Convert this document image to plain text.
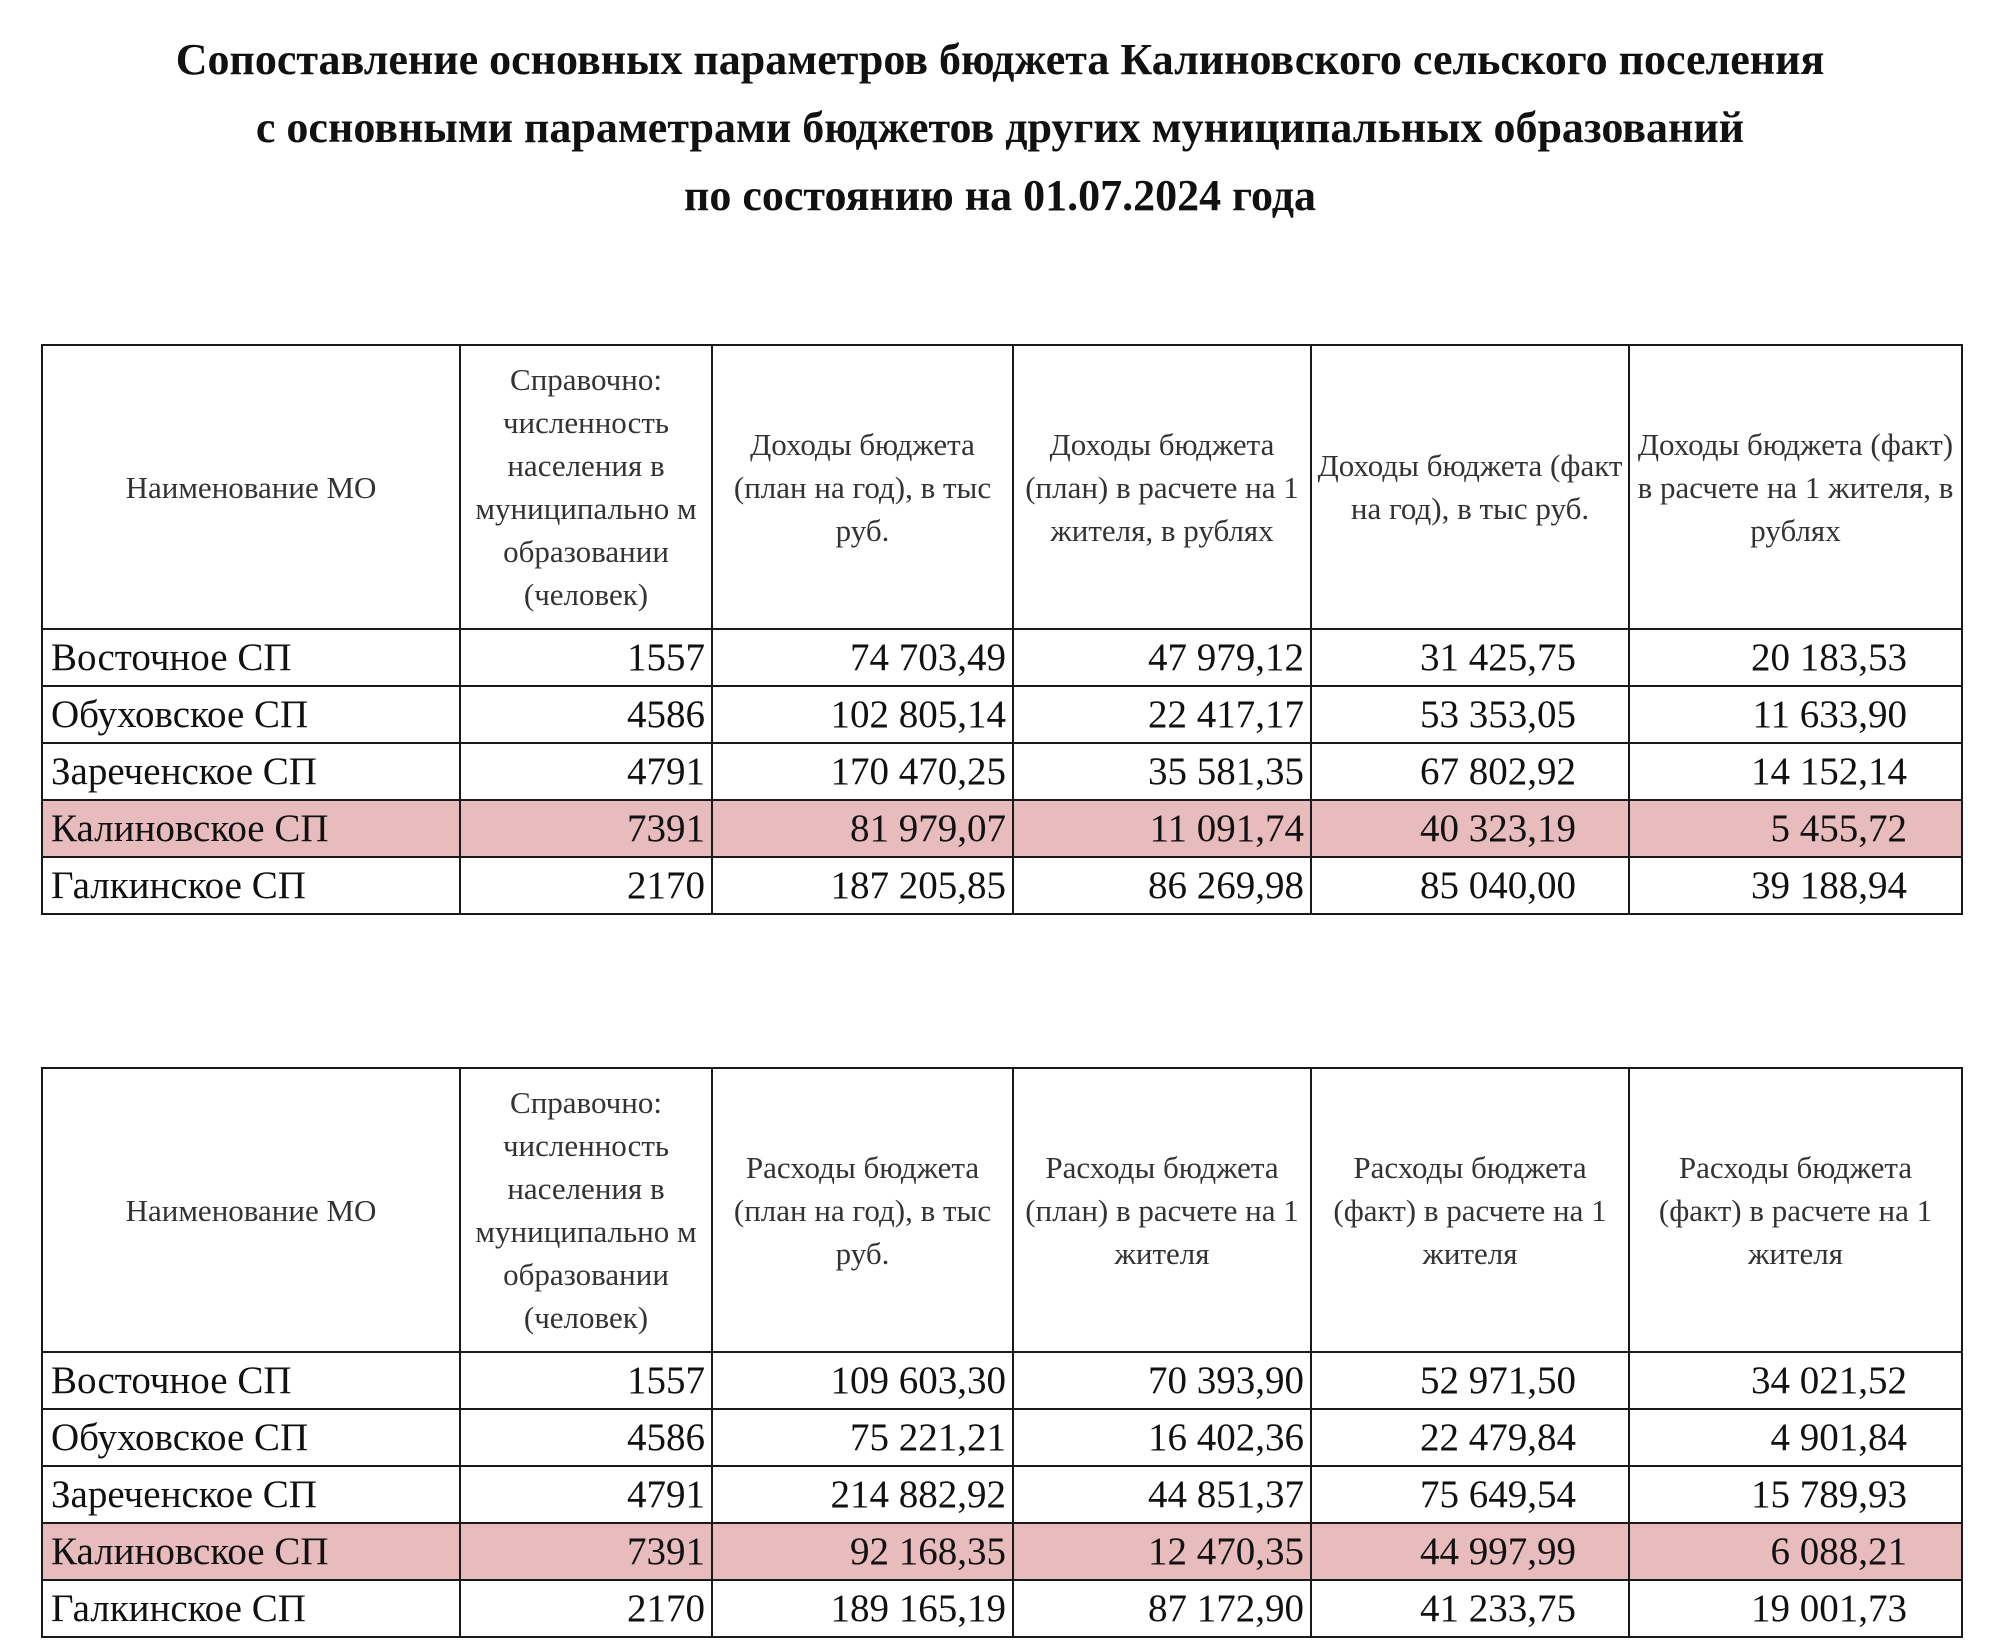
Сопоставление основных параметров бюджета Калиновского сельского поселения
с основными параметрами бюджетов других муниципальных образований
по состоянию на 01.07.2024 года
Наименование МО	Справочно: численность населения в муниципально м образовании (человек)	Доходы бюджета (план на год), в тыс руб.	Доходы бюджета (план) в расчете на 1 жителя, в рублях	Доходы бюджета (факт на год), в тыс руб.	Доходы бюджета (факт) в расчете на 1 жителя, в рублях
Восточное СП	1557	74 703,49	47 979,12	31 425,75	20 183,53
Обуховское СП	4586	102 805,14	22 417,17	53 353,05	11 633,90
Зареченское СП	4791	170 470,25	35 581,35	67 802,92	14 152,14
Калиновское СП	7391	81 979,07	11 091,74	40 323,19	5 455,72
Галкинское СП	2170	187 205,85	86 269,98	85 040,00	39 188,94
Наименование МО	Справочно: численность населения в муниципально м образовании (человек)	Расходы бюджета (план на год), в тыс руб.	Расходы бюджета (план) в расчете на 1 жителя	Расходы бюджета (факт) в расчете на 1 жителя	Расходы бюджета (факт) в расчете на 1 жителя
Восточное СП	1557	109 603,30	70 393,90	52 971,50	34 021,52
Обуховское СП	4586	75 221,21	16 402,36	22 479,84	4 901,84
Зареченское СП	4791	214 882,92	44 851,37	75 649,54	15 789,93
Калиновское СП	7391	92 168,35	12 470,35	44 997,99	6 088,21
Галкинское СП	2170	189 165,19	87 172,90	41 233,75	19 001,73
